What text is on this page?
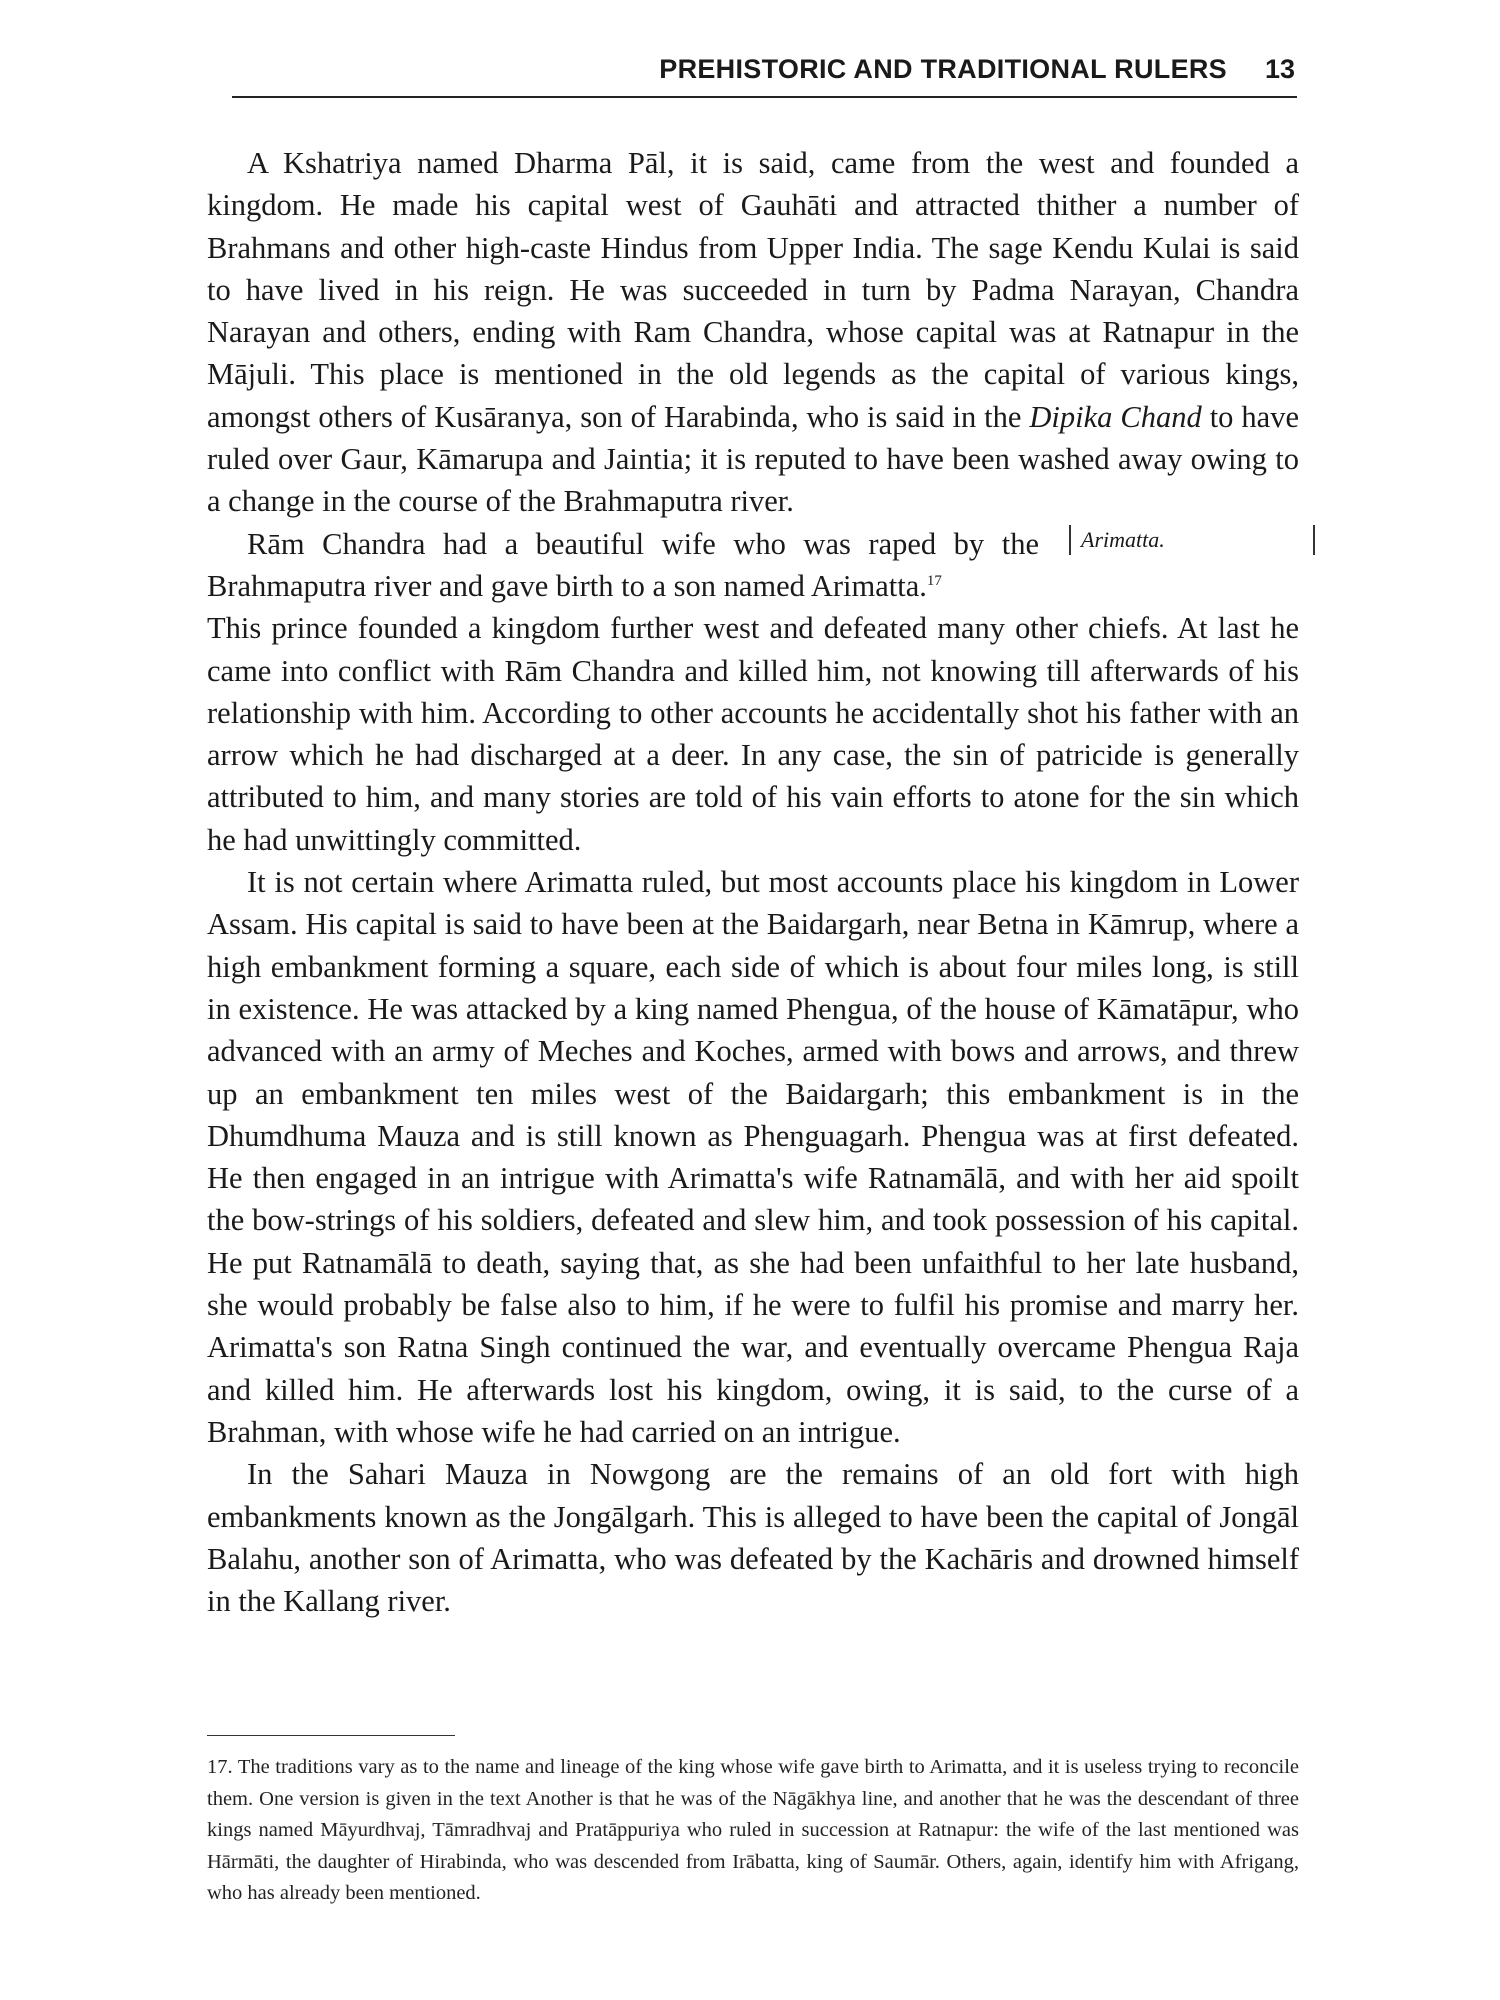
PREHISTORIC AND TRADITIONAL RULERS 13

A Kshatriya named Dharma Pāl, it is said, came from the west and founded a kingdom. He made his capital west of Gauhāti and attracted thither a number of Brahmans and other high-caste Hindus from Upper India. The sage Kendu Kulai is said to have lived in his reign. He was succeeded in turn by Padma Narayan, Chandra Narayan and others, ending with Ram Chandra, whose capital was at Ratnapur in the Mājuli. This place is mentioned in the old legends as the capital of various kings, amongst others of Kusāranya, son of Harabinda, who is said in the Dipika Chand to have ruled over Gaur, Kāmarupa and Jaintia; it is reputed to have been washed away owing to a change in the course of the Brahmaputra river.

Arimatta.

Rām Chandra had a beautiful wife who was raped by the

Brahmaputra river and gave birth to a son named Arimatta.$^{17}$

This prince founded a kingdom further west and defeated many other chiefs. At last he came into conflict with Rām Chandra and killed him, not knowing till afterwards of his relationship with him. According to other accounts he accidentally shot his father with an arrow which he had discharged at a deer. In any case, the sin of patricide is generally attributed to him, and many stories are told of his vain efforts to atone for the sin which he had unwittingly committed.

It is not certain where Arimatta ruled, but most accounts place his kingdom in Lower Assam. His capital is said to have been at the Baidargarh, near Betna in Kāmrup, where a high embankment forming a square, each side of which is about four miles long, is still in existence. He was attacked by a king named Phengua, of the house of Kāmatāpur, who advanced with an army of Meches and Koches, armed with bows and arrows, and threw up an embankment ten miles west of the Baidargarh; this embankment is in the Dhumdhuma Mauza and is still known as Phenguagarh. Phengua was at first defeated. He then engaged in an intrigue with Arimatta's wife Ratnamālā, and with her aid spoilt the bow-strings of his soldiers, defeated and slew him, and took possession of his capital. He put Ratnamālā to death, saying that, as she had been unfaithful to her late husband, she would probably be false also to him, if he were to fulfil his promise and marry her. Arimatta's son Ratna Singh continued the war, and eventually overcame Phengua Raja and killed him. He afterwards lost his kingdom, owing, it is said, to the curse of a Brahman, with whose wife he had carried on an intrigue.

In the Sahari Mauza in Nowgong are the remains of an old fort with high embankments known as the Jongālgarh. This is alleged to have been the capital of Jongāl Balahu, another son of Arimatta, who was defeated by the Kachāris and drowned himself in the Kallang river.

17. The traditions vary as to the name and lineage of the king whose wife gave birth to Arimatta, and it is useless trying to reconcile them. One version is given in the text Another is that he was of the Nāgākhya line, and another that he was the descendant of three kings named Māyurdhvaj, Tāmradhvaj and Pratāppuriya who ruled in succession at Ratnapur: the wife of the last mentioned was Hārmāti, the daughter of Hirabinda, who was descended from Irābatta, king of Saumār. Others, again, identify him with Afrigang, who has already been mentioned.
